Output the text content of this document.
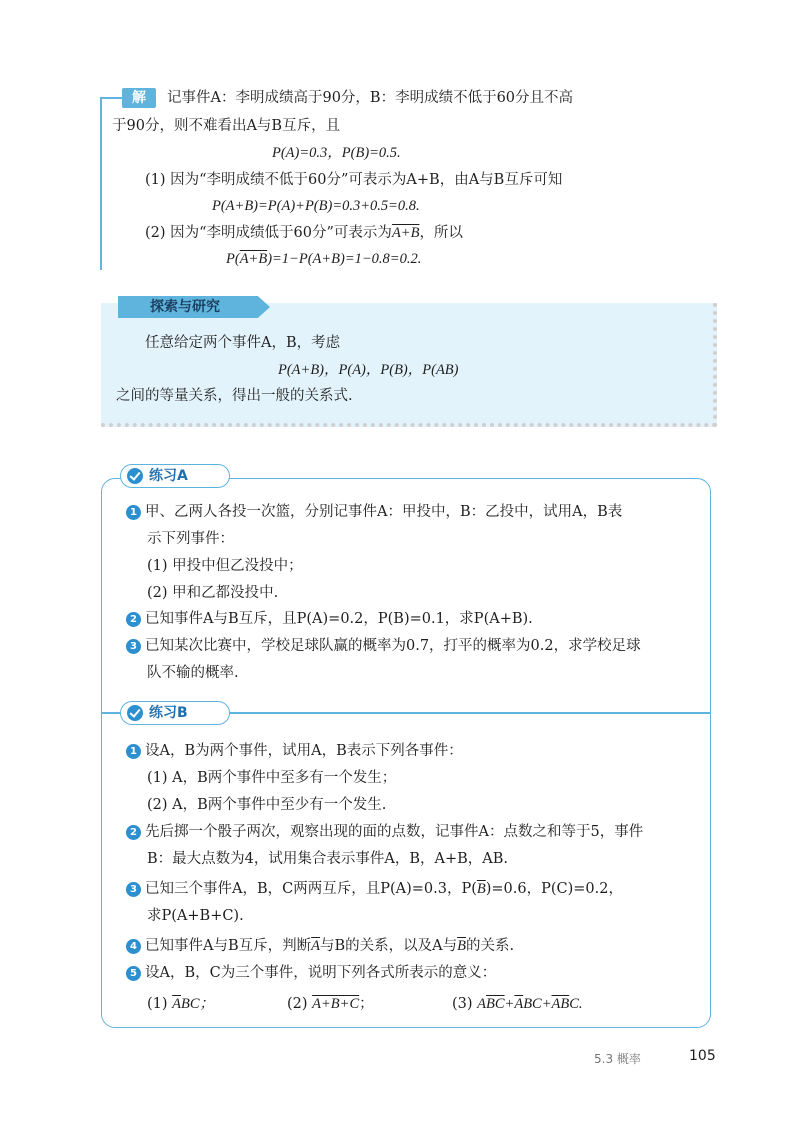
解	记事件A：李明成绩高于90分，B：李明成绩不低于60分且不高
于90分，则不难看出A与B互斥，且
P(A)=0.3，P(B)=0.5.
(1) 因为“李明成绩不低于60分”可表示为A+B，由A与B互斥可知
P(A+B)=P(A)+P(B)=0.3+0.5=0.8.
(2) 因为“李明成绩低于60分”可表示为A+B，所以
P(A+B)=1−P(A+B)=1−0.8=0.2.
探索与研究
任意给定两个事件A，B，考虑
P(A+B)，P(A)，P(B)，P(AB)
之间的等量关系，得出一般的关系式.
练习A
1 甲、乙两人各投一次篮，分别记事件A：甲投中，B：乙投中，试用A，B表
示下列事件：
(1) 甲投中但乙没投中；
(2) 甲和乙都没投中.
2 已知事件A与B互斥，且P(A)=0.2，P(B)=0.1，求P(A+B).
3 已知某次比赛中，学校足球队赢的概率为0.7，打平的概率为0.2，求学校足球
队不输的概率.
练习B
1 设A，B为两个事件，试用A，B表示下列各事件：
(1) A，B两个事件中至多有一个发生；
(2) A，B两个事件中至少有一个发生.
2 先后掷一个骰子两次，观察出现的面的点数，记事件A：点数之和等于5，事件
B：最大点数为4，试用集合表示事件A，B，A+B，AB.
3 已知三个事件A，B，C两两互斥，且P(A)=0.3，$P(\overline{B})=0.6$，P(C)=0.2，
求P(A+B+C).
4 已知事件A与B互斥，判断$\overline{A}$与B的关系，以及A与$\overline{B}$的关系.
5 设A，B，C为三个事件，说明下列各式所表示的意义：
(1) $\overline{A}BC$；	(2) A+B+C；	(3) $A\overline{BC}+\overline{A}BC+\overline{AB}C$.
5.3 概率	105
